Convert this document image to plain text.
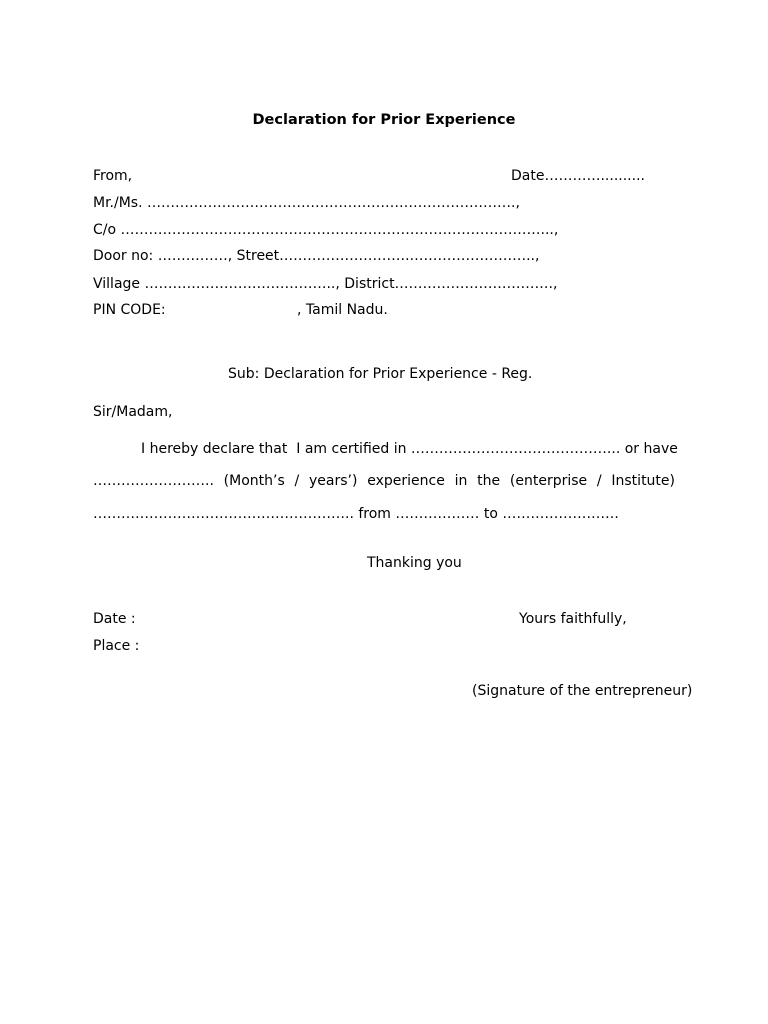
Declaration for Prior Experience
From,	Date…………..........
Mr./Ms. …………………………………………………………………….,
C/o ………………………………………………………………………………...,
Door no: ……………, Street………………………..……………………..,
Village ………………………………….., District…………………………….,
PIN CODE:	, Tamil Nadu.
Sub: Declaration for Prior Experience - Reg.
Sir/Madam,
I hereby declare that  I am certified in ……………………………………... or have
…………………….. (Month’s / years’) experience in the (enterprise / Institute)
……………………………………………….. from ……………… to …………………….
Thanking you
Date :	Yours faithfully,
Place :
(Signature of the entrepreneur)
